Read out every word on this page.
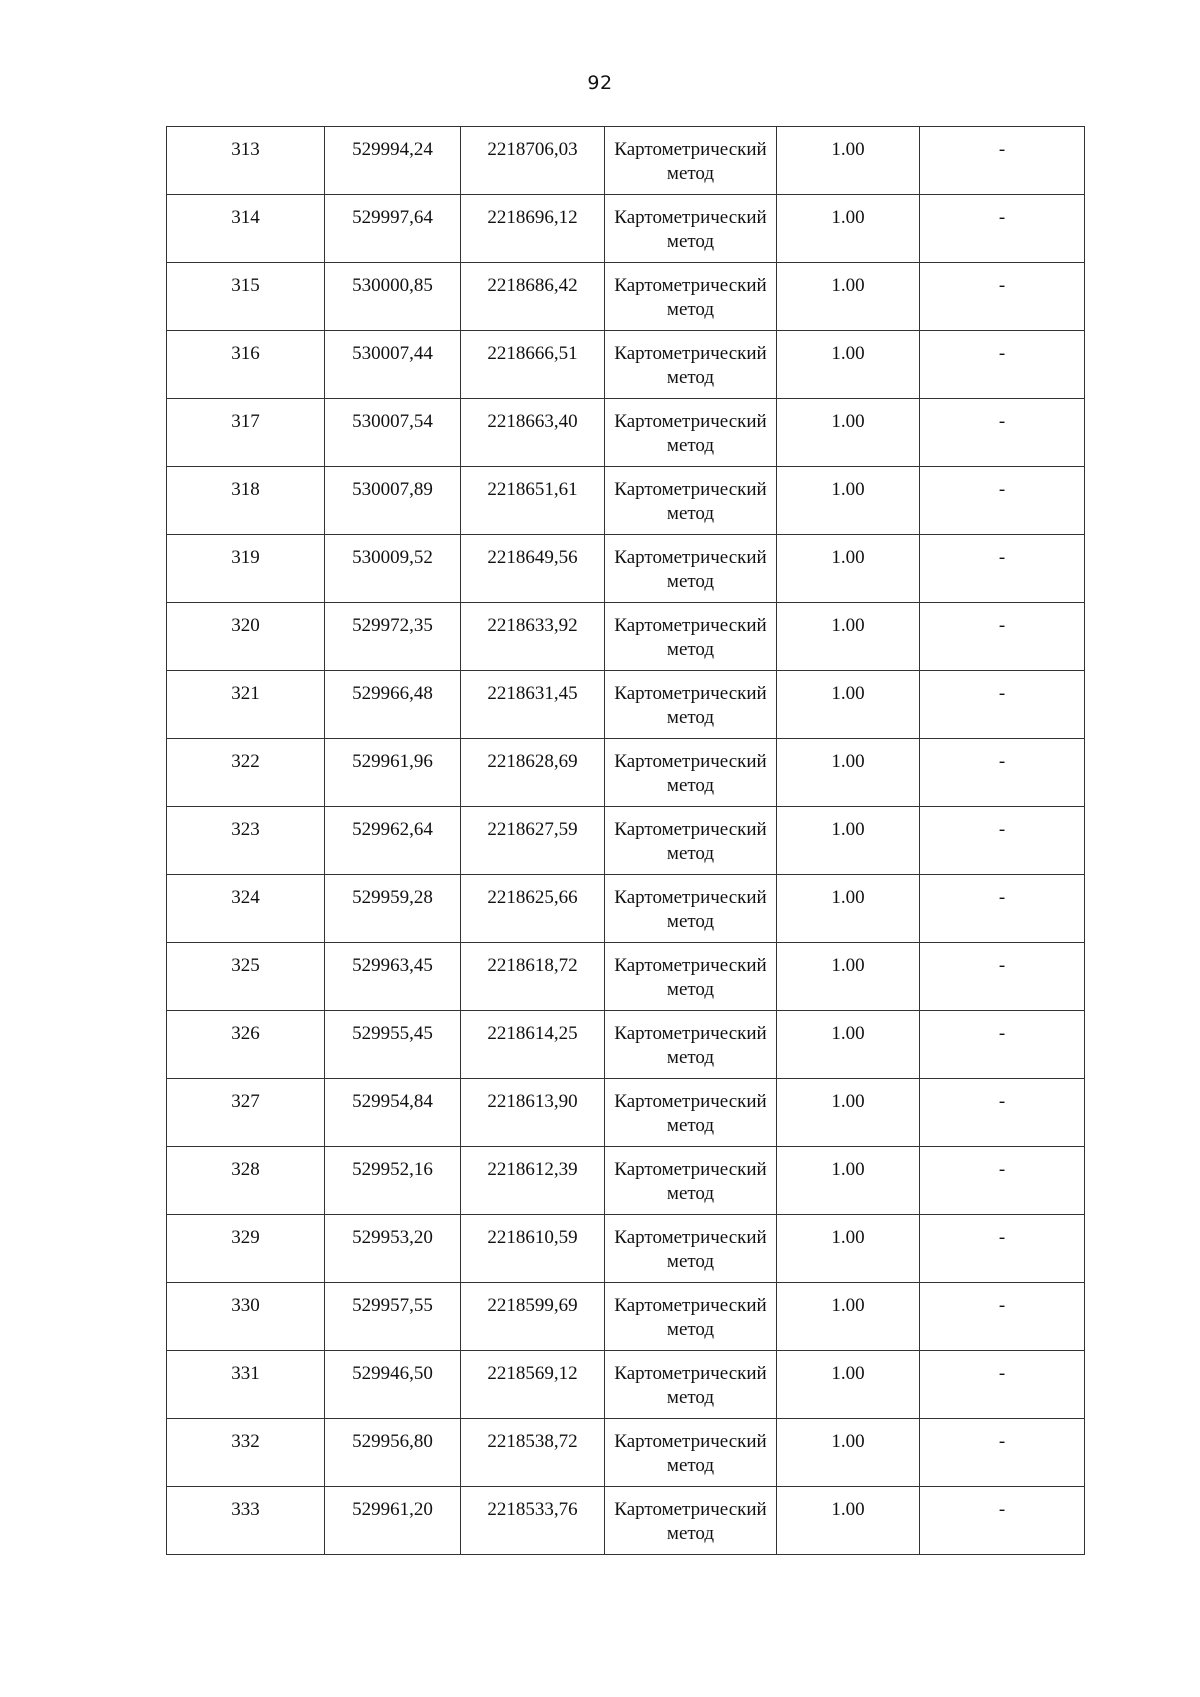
92
313	529994,24	2218706,03	Картометрический метод	1.00	-
314	529997,64	2218696,12	Картометрический метод	1.00	-
315	530000,85	2218686,42	Картометрический метод	1.00	-
316	530007,44	2218666,51	Картометрический метод	1.00	-
317	530007,54	2218663,40	Картометрический метод	1.00	-
318	530007,89	2218651,61	Картометрический метод	1.00	-
319	530009,52	2218649,56	Картометрический метод	1.00	-
320	529972,35	2218633,92	Картометрический метод	1.00	-
321	529966,48	2218631,45	Картометрический метод	1.00	-
322	529961,96	2218628,69	Картометрический метод	1.00	-
323	529962,64	2218627,59	Картометрический метод	1.00	-
324	529959,28	2218625,66	Картометрический метод	1.00	-
325	529963,45	2218618,72	Картометрический метод	1.00	-
326	529955,45	2218614,25	Картометрический метод	1.00	-
327	529954,84	2218613,90	Картометрический метод	1.00	-
328	529952,16	2218612,39	Картометрический метод	1.00	-
329	529953,20	2218610,59	Картометрический метод	1.00	-
330	529957,55	2218599,69	Картометрический метод	1.00	-
331	529946,50	2218569,12	Картометрический метод	1.00	-
332	529956,80	2218538,72	Картометрический метод	1.00	-
333	529961,20	2218533,76	Картометрический метод	1.00	-
